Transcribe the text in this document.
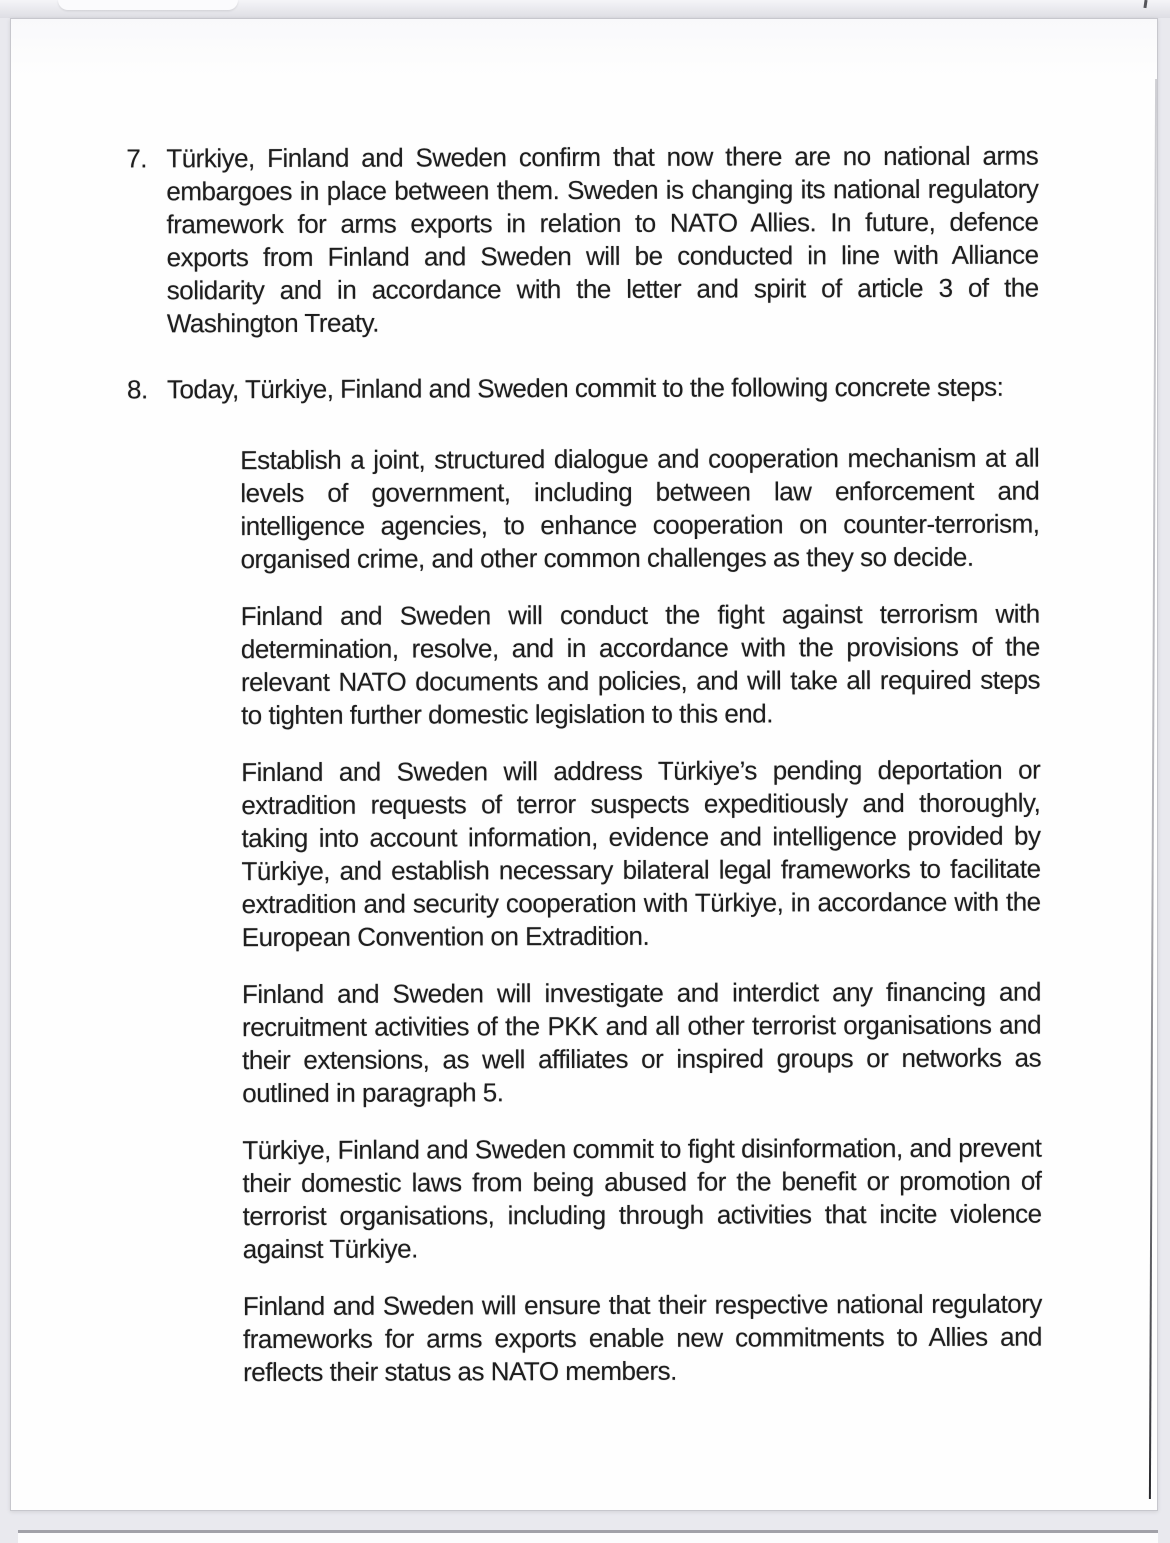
7. Türkiye, Finland and Sweden confirm that now there are no national arms embargoes in place between them. Sweden is changing its national regulatory framework for arms exports in relation to NATO Allies. In future, defence exports from Finland and Sweden will be conducted in line with Alliance solidarity and in accordance with the letter and spirit of article 3 of the Washington Treaty.
8. Today, Türkiye, Finland and Sweden commit to the following concrete steps:
Establish a joint, structured dialogue and cooperation mechanism at all levels of government, including between law enforcement and intelligence agencies, to enhance cooperation on counter-terrorism, organised crime, and other common challenges as they so decide.
Finland and Sweden will conduct the fight against terrorism with determination, resolve, and in accordance with the provisions of the relevant NATO documents and policies, and will take all required steps to tighten further domestic legislation to this end.
Finland and Sweden will address Türkiye’s pending deportation or extradition requests of terror suspects expeditiously and thoroughly, taking into account information, evidence and intelligence provided by Türkiye, and establish necessary bilateral legal frameworks to facilitate extradition and security cooperation with Türkiye, in accordance with the European Convention on Extradition.
Finland and Sweden will investigate and interdict any financing and recruitment activities of the PKK and all other terrorist organisations and their extensions, as well affiliates or inspired groups or networks as outlined in paragraph 5.
Türkiye, Finland and Sweden commit to fight disinformation, and prevent their domestic laws from being abused for the benefit or promotion of terrorist organisations, including through activities that incite violence against Türkiye.
Finland and Sweden will ensure that their respective national regulatory frameworks for arms exports enable new commitments to Allies and reflects their status as NATO members.
